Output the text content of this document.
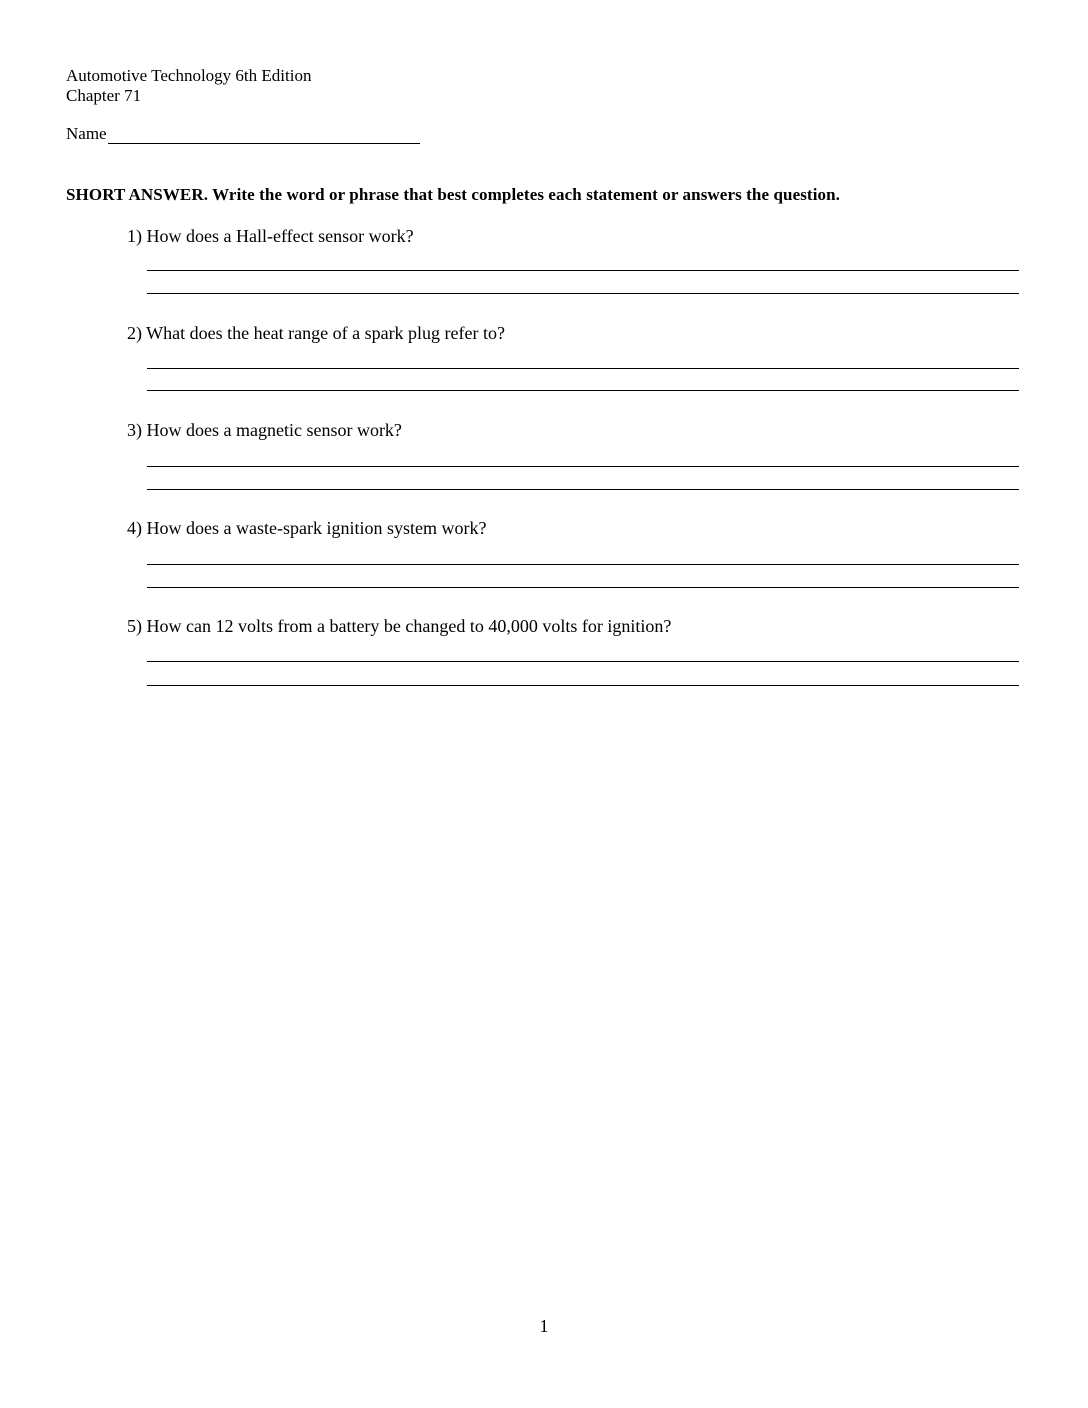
Automotive Technology 6th Edition
Chapter 71
Name
SHORT ANSWER. Write the word or phrase that best completes each statement or answers the question.

1) How does a Hall-effect sensor work?

2) What does the heat range of a spark plug refer to?

3) How does a magnetic sensor work?

4) How does a waste-spark ignition system work?

5) How can 12 volts from a battery be changed to 40,000 volts for ignition?

1
